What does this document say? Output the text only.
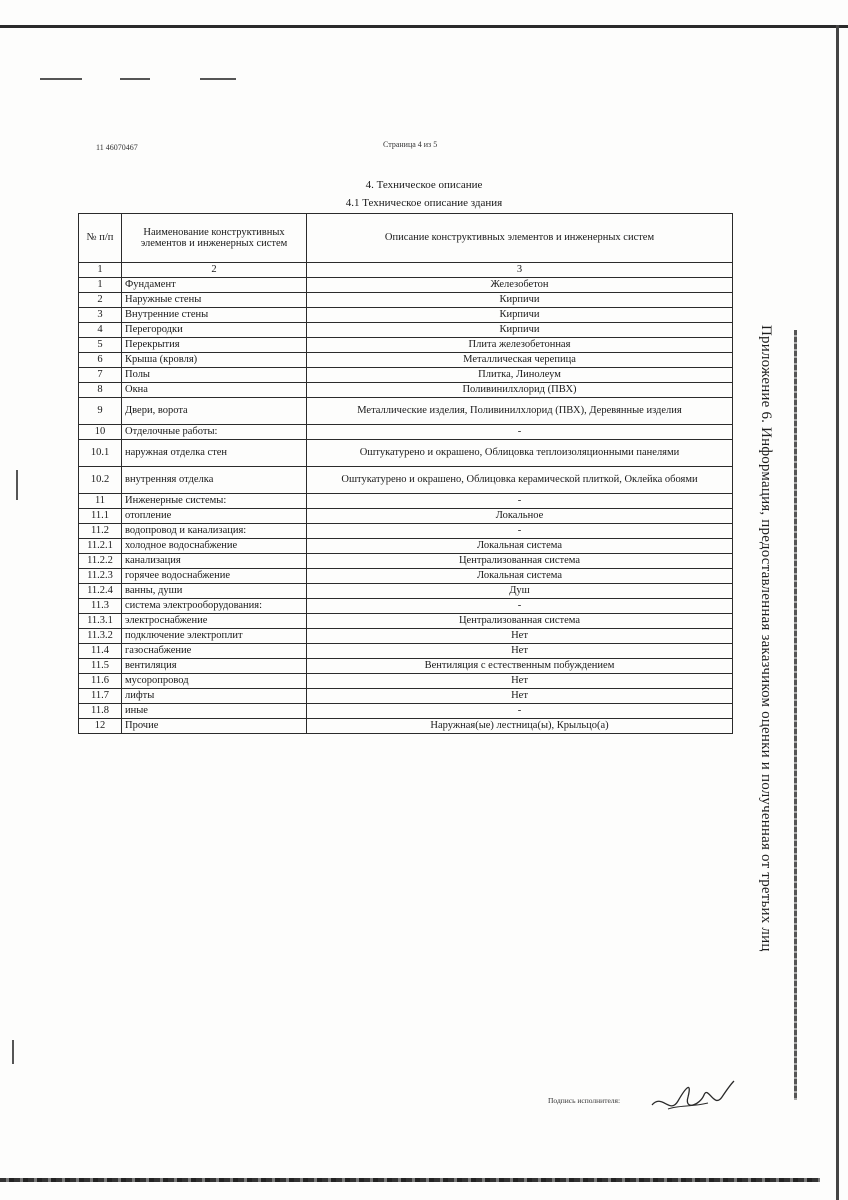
11 46070467	Страница 4 из 5
4. Техническое описание
4.1 Техническое описание здания
№ п/п	Наименование конструктивных элементов и инженерных систем	Описание конструктивных элементов и инженерных систем
1	2	3
1	Фундамент	Железобетон
2	Наружные стены	Кирпичи
3	Внутренние стены	Кирпичи
4	Перегородки	Кирпичи
5	Перекрытия	Плита железобетонная
6	Крыша (кровля)	Металлическая черепица
7	Полы	Плитка, Линолеум
8	Окна	Поливинилхлорид (ПВХ)
9	Двери, ворота	Металлические изделия, Поливинилхлорид (ПВХ), Деревянные изделия
10	Отделочные работы:	-
10.1	наружная отделка стен	Оштукатурено и окрашено, Облицовка теплоизоляционными панелями
10.2	внутренняя отделка	Оштукатурено и окрашено, Облицовка керамической плиткой, Оклейка обоями
11	Инженерные системы:	-
11.1	отопление	Локальное
11.2	водопровод и канализация:	-
11.2.1	холодное водоснабжение	Локальная система
11.2.2	канализация	Централизованная система
11.2.3	горячее водоснабжение	Локальная система
11.2.4	ванны, души	Душ
11.3	система электрооборудования:	-
11.3.1	электроснабжение	Централизованная система
11.3.2	подключение электроплит	Нет
11.4	газоснабжение	Нет
11.5	вентиляция	Вентиляция с естественным побуждением
11.6	мусоропровод	Нет
11.7	лифты	Нет
11.8	иные	-
12	Прочие	Наружная(ые) лестница(ы), Крыльцо(а)	Приложение 6. Информация, предоставленная заказчиком оценки и полученная от третьих лиц
Подпись исполнителя:
